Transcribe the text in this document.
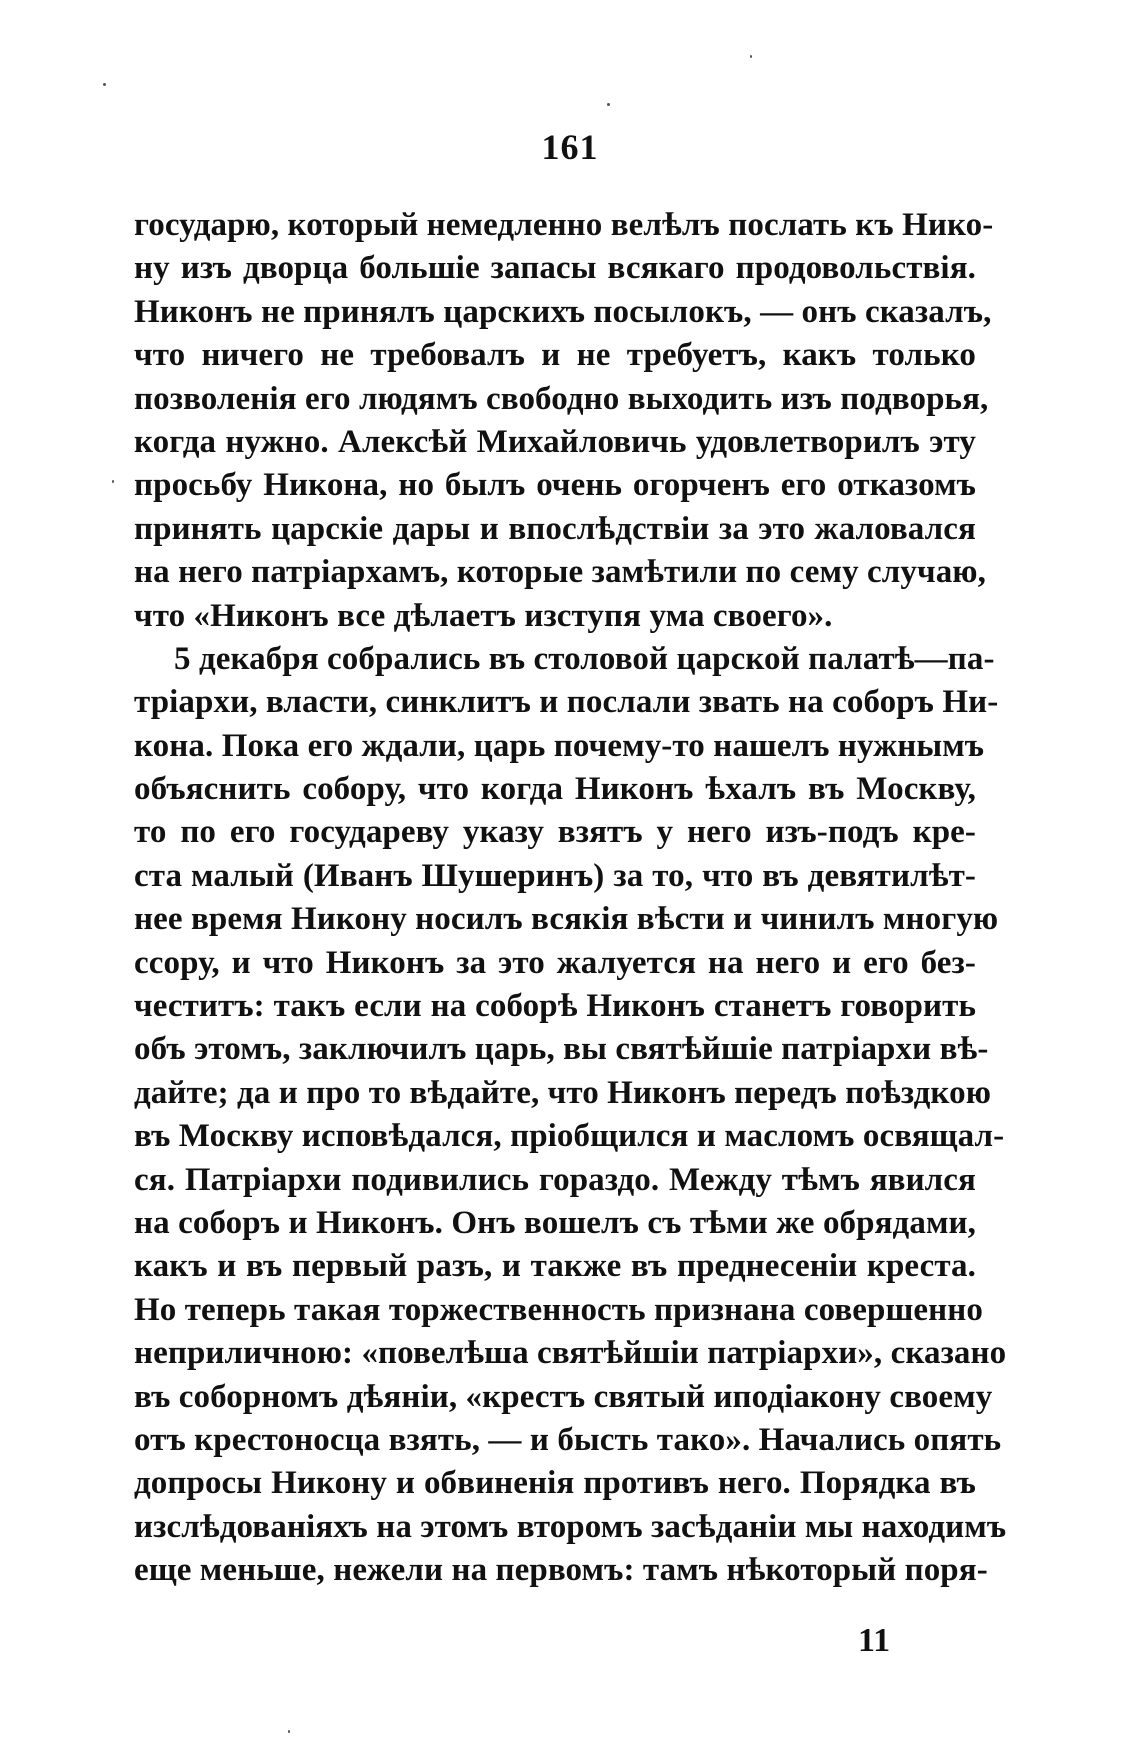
161
государю, который немедленно велѣлъ послать къ Нико-
ну изъ дворца большіе запасы всякаго продовольствія.
Никонъ не принялъ царскихъ посылокъ, — онъ сказалъ,
что ничего не требовалъ и не требуетъ, какъ только
позволенія его людямъ свободно выходить изъ подворья,
когда нужно. Алексѣй Михайловичь удовлетворилъ эту
просьбу Никона, но былъ очень огорченъ его отказомъ
принять царскіе дары и впослѣдствіи за это жаловался
на него патріархамъ, которые замѣтили по сему случаю,
что «Никонъ все дѣлаетъ изступя ума своего».
5 декабря собрались въ столовой царской палатѣ—па-
тріархи, власти, синклитъ и послали звать на соборъ Ни-
кона. Пока его ждали, царь почему-то нашелъ нужнымъ
объяснить собору, что когда Никонъ ѣхалъ въ Москву,
то по его государеву указу взятъ у него изъ-подъ кре-
ста малый (Иванъ Шушеринъ) за то, что въ девятилѣт-
нее время Никону носилъ всякія вѣсти и чинилъ многую
ссору, и что Никонъ за это жалуется на него и его без-
честитъ: такъ если на соборѣ Никонъ станетъ говорить
объ этомъ, заключилъ царь, вы святѣйшіе патріархи вѣ-
дайте; да и про то вѣдайте, что Никонъ передъ поѣздкою
въ Москву исповѣдался, пріобщился и масломъ освящал-
ся. Патріархи подивились гораздо. Между тѣмъ явился
на соборъ и Никонъ. Онъ вошелъ съ тѣми же обрядами,
какъ и въ первый разъ, и также въ преднесеніи креста.
Но теперь такая торжественность признана совершенно
неприличною: «повелѣша святѣйшіи патріархи», сказано
въ соборномъ дѣяніи, «крестъ святый иподіакону своему
отъ крестоносца взять, — и бысть тако». Начались опять
допросы Никону и обвиненія противъ него. Порядка въ
изслѣдованіяхъ на этомъ второмъ засѣданіи мы находимъ
еще меньше, нежели на первомъ: тамъ нѣкоторый поря-
11
